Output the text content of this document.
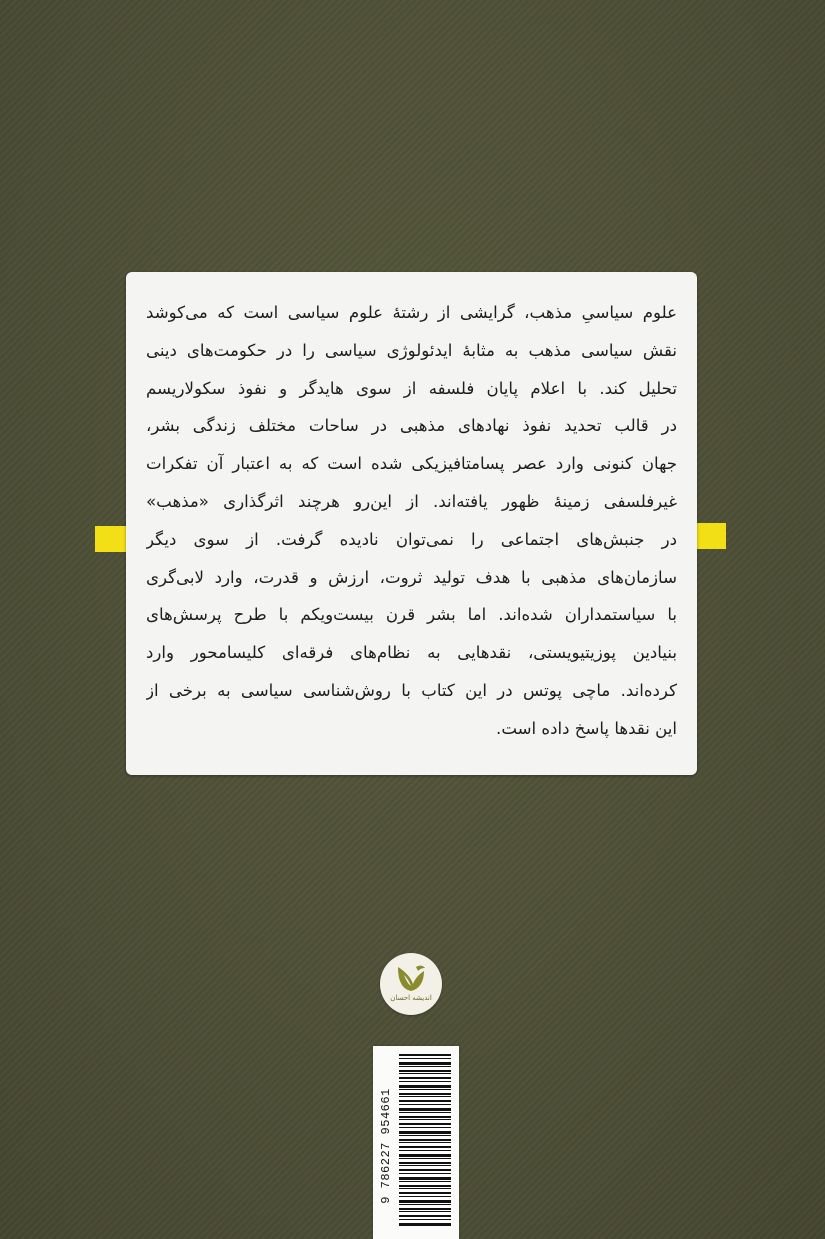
علوم سیاسیِ مذهب، گرایشی از رشتهٔ علوم سیاسی است که می‌کوشد
نقش سیاسی مذهب به مثابهٔ ایدئولوژی سیاسی را در حکومت‌های دینی
تحلیل کند. با اعلام پایان فلسفه از سوی هایدگر و نفوذ سکولاریسم
در قالب تحدید نفوذ نهادهای مذهبی در ساحات مختلف زندگی بشر،
جهان کنونی وارد عصر پسامتافیزیکی شده است که به اعتبار آن تفکرات
غیرفلسفی زمینهٔ ظهور یافته‌اند. از این‌رو هرچند اثرگذاری «مذهب»
در جنبش‌های اجتماعی را نمی‌توان نادیده گرفت. از سوی دیگر
سازمان‌های مذهبی با هدف تولید ثروت، ارزش و قدرت، وارد لابی‌گری
با سیاستمداران شده‌اند. اما بشر قرن بیست‌ویکم با طرح پرسش‌های
بنیادین پوزیتیویستی، نقدهایی به نظام‌های فرقه‌ای کلیسامحور وارد
کرده‌اند. ماچی پوتس در این کتاب با روش‌شناسی سیاسی به برخی از
این نقدها پاسخ داده است.
اندیشه احسان
9 786227 954661
